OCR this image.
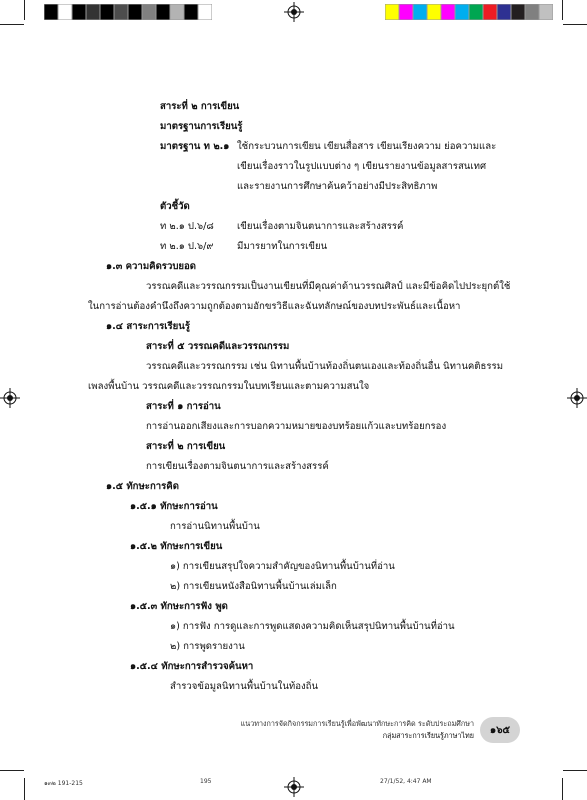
สาระที่ ๒ การเขียน
มาตรฐานการเรียนรู้
มาตรฐาน ท ๒.๑ ใช้กระบวนการเขียน เขียนสื่อสาร เขียนเรียงความ ย่อความและ
เขียนเรื่องราวในรูปแบบต่าง ๆ เขียนรายงานข้อมูลสารสนเทศ
และรายงานการศึกษาค้นคว้าอย่างมีประสิทธิภาพ
ตัวชี้วัด
ท ๒.๑ ป.๖/๘ เขียนเรื่องตามจินตนาการและสร้างสรรค์
ท ๒.๑ ป.๖/๙ มีมารยาทในการเขียน
๑.๓ ความคิดรวบยอด
วรรณคดีและวรรณกรรมเป็นงานเขียนที่มีคุณค่าด้านวรรณศิลป์ และมีข้อคิดไปประยุกต์ใช้
ในการอ่านต้องคำนึงถึงความถูกต้องตามอักขรวิธีและฉันทลักษณ์ของบทประพันธ์และเนื้อหา
๑.๔ สาระการเรียนรู้
สาระที่ ๕ วรรณคดีและวรรณกรรม
วรรณคดีและวรรณกรรม เช่น นิทานพื้นบ้านท้องถิ่นตนเองและท้องถิ่นอื่น นิทานคติธรรม
เพลงพื้นบ้าน วรรณคดีและวรรณกรรมในบทเรียนและตามความสนใจ
สาระที่ ๑ การอ่าน
การอ่านออกเสียงและการบอกความหมายของบทร้อยแก้วและบทร้อยกรอง
สาระที่ ๒ การเขียน
การเขียนเรื่องตามจินตนาการและสร้างสรรค์
๑.๕ ทักษะการคิด
๑.๕.๑ ทักษะการอ่าน
การอ่านนิทานพื้นบ้าน
๑.๕.๒ ทักษะการเขียน
๑) การเขียนสรุปใจความสำคัญของนิทานพื้นบ้านที่อ่าน
๒) การเขียนหนังสือนิทานพื้นบ้านเล่มเล็ก
๑.๕.๓ ทักษะการฟัง พูด
๑) การฟัง การดูและการพูดแสดงความคิดเห็นสรุปนิทานพื้นบ้านที่อ่าน
๒) การพูดรายงาน
๑.๕.๔ ทักษะการสำรวจค้นหา
สำรวจข้อมูลนิทานพื้นบ้านในท้องถิ่น
แนวทางการจัดกิจกรรมการเรียนรู้เพื่อพัฒนาทักษะการคิด ระดับประถมศึกษา
กลุ่มสาระการเรียนรู้ภาษาไทย ๑๖๕
๑๓๒ 191-215	195	27/1/52, 4:47 AM
